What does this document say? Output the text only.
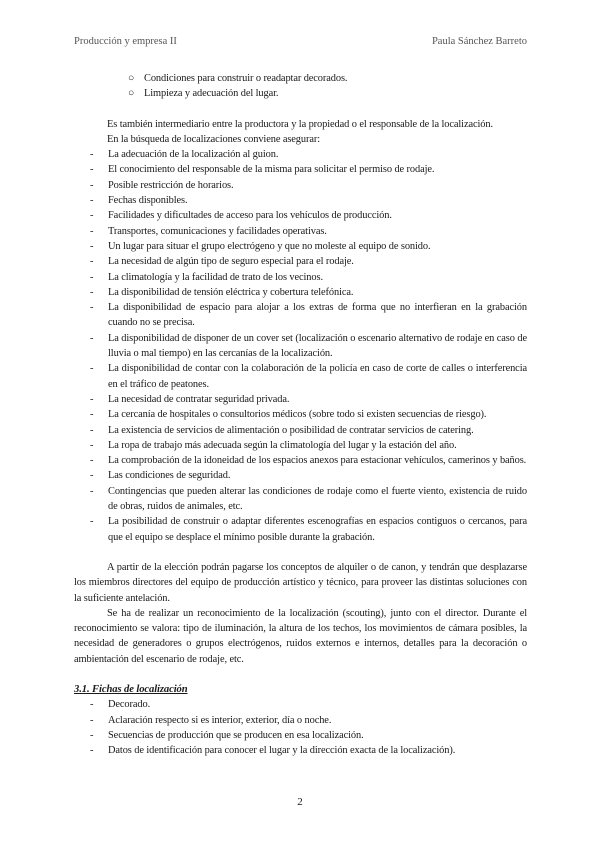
Producción y empresa II	Paula Sánchez Barreto
○ Condiciones para construir o readaptar decorados.
○ Limpieza y adecuación del lugar.

Es también intermediario entre la productora y la propiedad o el responsable de la localización.

En la búsqueda de localizaciones conviene asegurar:

- La adecuación de la localización al guion.
- El conocimiento del responsable de la misma para solicitar el permiso de rodaje.
- Posible restricción de horarios.
- Fechas disponibles.
- Facilidades y dificultades de acceso para los vehículos de producción.
- Transportes, comunicaciones y facilidades operativas.
- Un lugar para situar el grupo electrógeno y que no moleste al equipo de sonido.
- La necesidad de algún tipo de seguro especial para el rodaje.
- La climatología y la facilidad de trato de los vecinos.
- La disponibilidad de tensión eléctrica y cobertura telefónica.
- La disponibilidad de espacio para alojar a los extras de forma que no interfieran en la grabación cuando no se precisa.
- La disponibilidad de disponer de un cover set (localización o escenario alternativo de rodaje en caso de lluvia o mal tiempo) en las cercanías de la localización.
- La disponibilidad de contar con la colaboración de la policía en caso de corte de calles o interferencia en el tráfico de peatones.
- La necesidad de contratar seguridad privada.
- La cercanía de hospitales o consultorios médicos (sobre todo si existen secuencias de riesgo).
- La existencia de servicios de alimentación o posibilidad de contratar servicios de catering.
- La ropa de trabajo más adecuada según la climatología del lugar y la estación del año.
- La comprobación de la idoneidad de los espacios anexos para estacionar vehículos, camerinos y baños.
- Las condiciones de seguridad.
- Contingencias que pueden alterar las condiciones de rodaje como el fuerte viento, existencia de ruido de obras, ruidos de animales, etc.
- La posibilidad de construir o adaptar diferentes escenografías en espacios contiguos o cercanos, para que el equipo se desplace el mínimo posible durante la grabación.

A partir de la elección podrán pagarse los conceptos de alquiler o de canon, y tendrán que desplazarse los miembros directores del equipo de producción artístico y técnico, para proveer las distintas soluciones con la suficiente antelación.

Se ha de realizar un reconocimiento de la localización (scouting), junto con el director. Durante el reconocimiento se valora: tipo de iluminación, la altura de los techos, los movimientos de cámara posibles, la necesidad de generadores o grupos electrógenos, ruidos externos e internos, detalles para la decoración o ambientación del escenario de rodaje, etc.

3.1. Fichas de localización
- Decorado.
- Aclaración respecto si es interior, exterior, día o noche.
- Secuencias de producción que se producen en esa localización.
- Datos de identificación para conocer el lugar y la dirección exacta de la localización).
2
